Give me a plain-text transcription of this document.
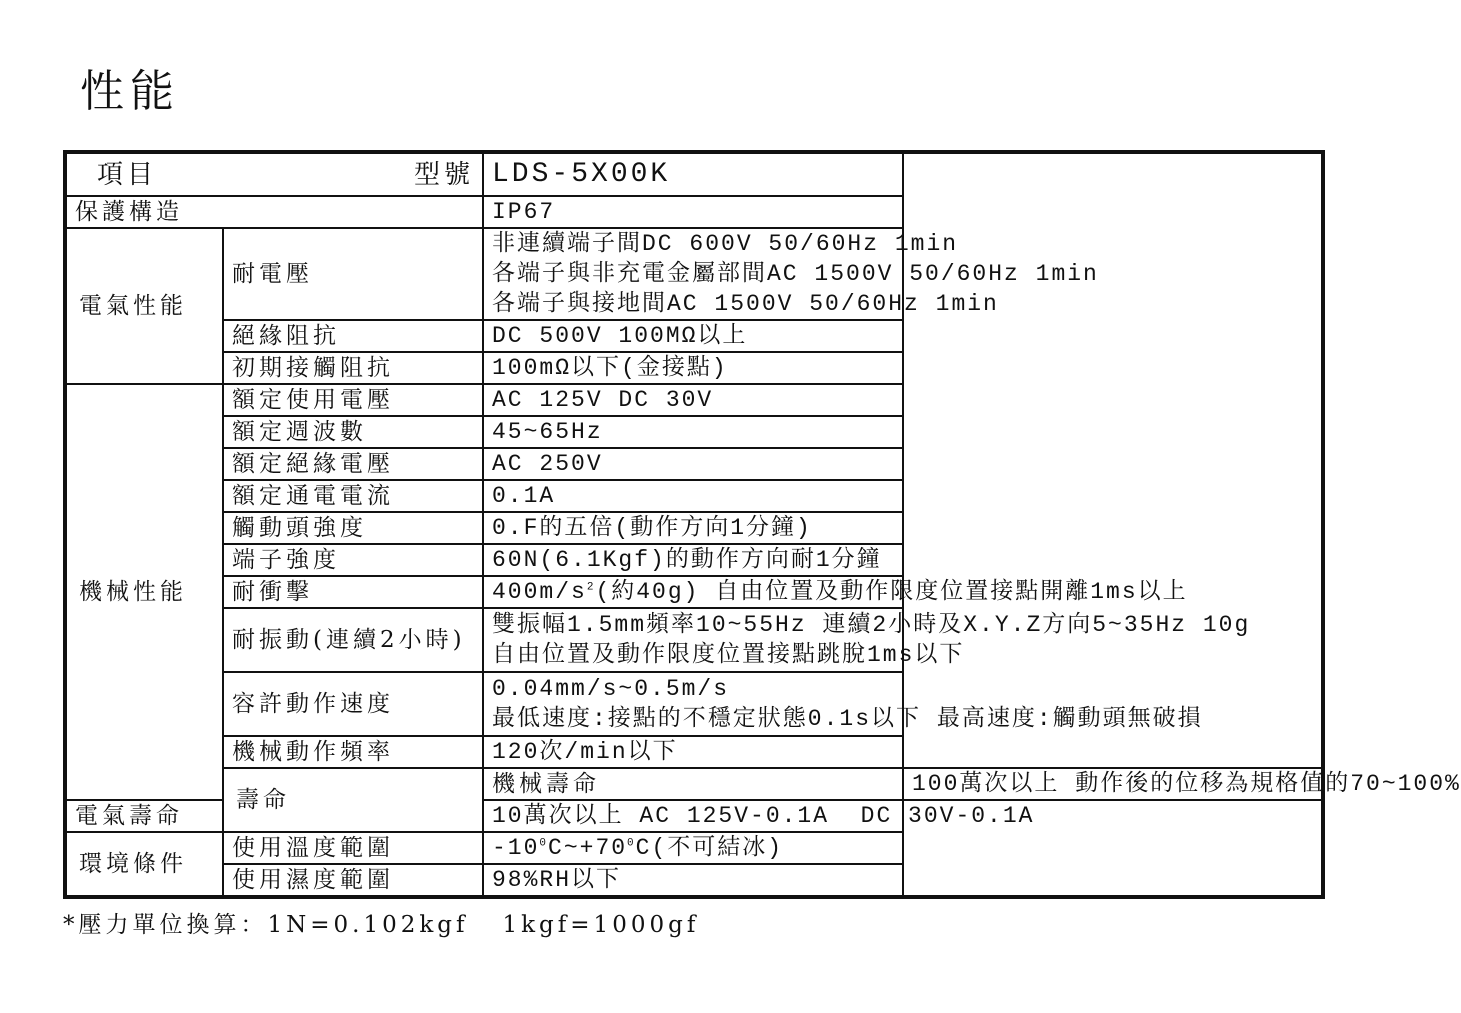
性能
項目 型號		LDS-5X00K	
保護構造		IP67	
電氣性能	耐電壓	非連續端子間DC 600V 50/60Hz 1min
各端子與非充電金屬部間AC 1500V 50/60Hz 1min
各端子與接地間AC 1500V 50/60Hz 1min	

	絕緣阻抗	DC 500V 100MΩ以上	
	初期接觸阻抗	100mΩ以下(金接點)	
機械性能	額定使用電壓	AC 125V DC 30V	
	額定週波數	45~65Hz	
	額定絕緣電壓	AC 250V	
	額定通電電流	0.1A	
	觸動頭強度	0.F的五倍(動作方向1分鐘)	
	端子強度	60N(6.1Kgf)的動作方向耐1分鐘	
	耐衝擊	$400m/s^2$(約40g) 自由位置及動作限度位置接點開離1ms以上	
	耐振動(連續2小時)	雙振幅1.5mm頻率10~55Hz 連續2小時及X.Y.Z方向5~35Hz 10g
自由位置及動作限度位置接點跳脫1ms以下	

	容許動作速度	0.04mm/s~0.5m/s
最低速度:接點的不穩定狀態0.1s以下 最高速度:觸動頭無破損	

	機械動作頻率	120次/min以下	
	壽命	機械壽命	100萬次以上 動作後的位移為規格值的70~100%
電氣壽命		10萬次以上 AC 125V-0.1A  DC 30V-0.1A	
環境條件	使用溫度範圍	$-10^0C\sim+70^0C$(不可結冰)	
	使用濕度範圍	98%RH以下	
*壓力單位換算：1N=0.102kgf   1kgf=1000gf
